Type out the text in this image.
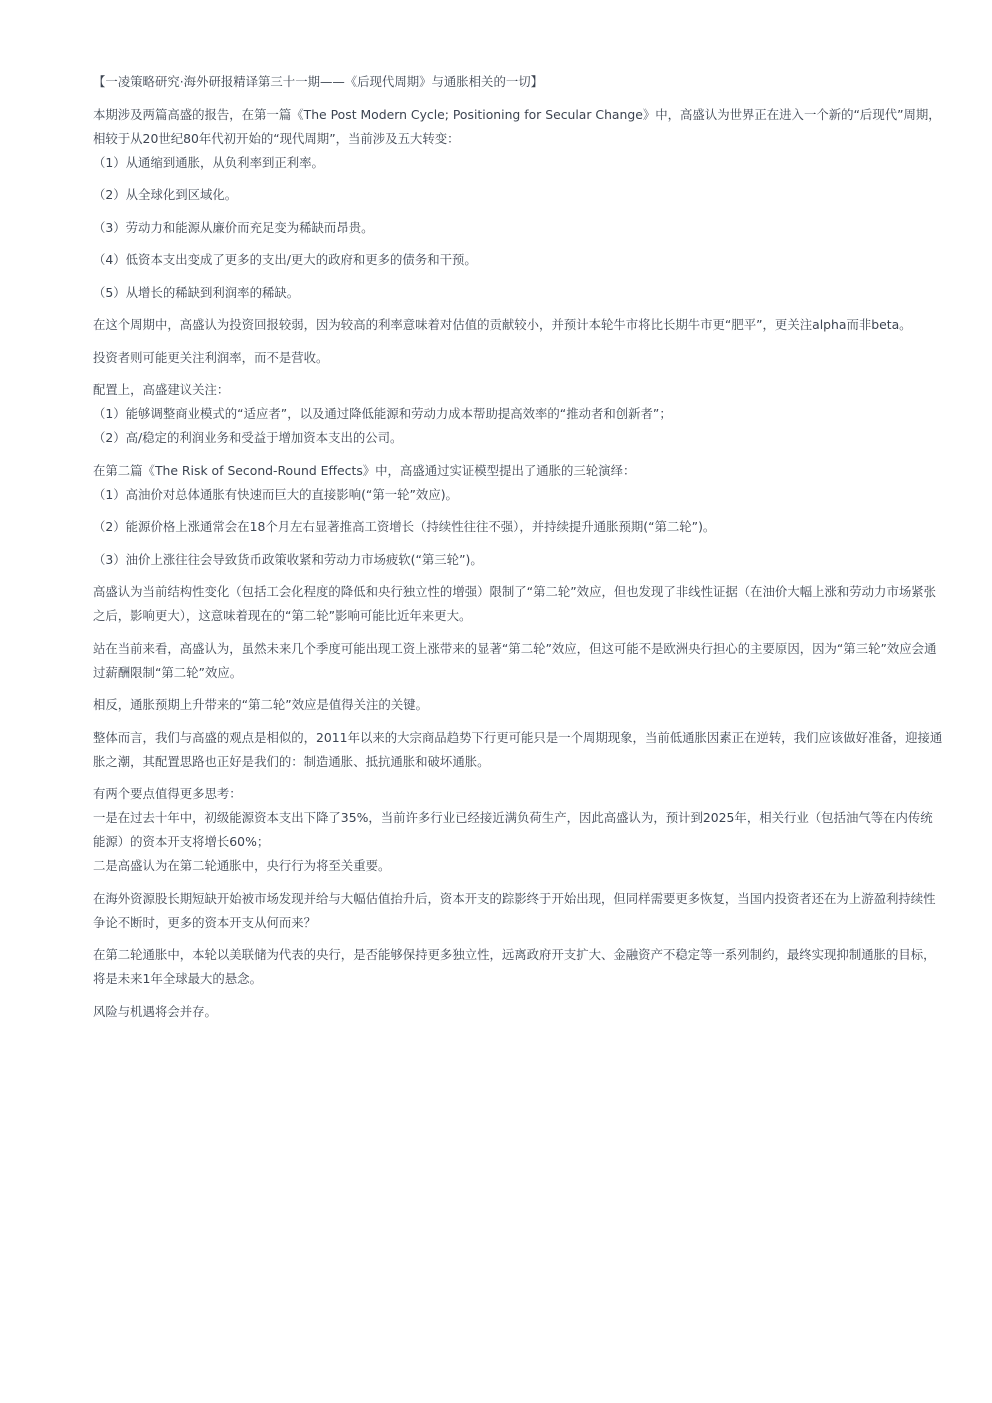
【一凌策略研究·海外研报精译第三十一期——《后现代周期》与通胀相关的一切】
本期涉及两篇高盛的报告，在第一篇《The Post Modern Cycle; Positioning for Secular Change》中，高盛认为世界正在进入一个新的“后现代”周期，相较于从20世纪80年代初开始的“现代周期”，当前涉及五大转变：
（1）从通缩到通胀，从负利率到正利率。
（2）从全球化到区域化。
（3）劳动力和能源从廉价而充足变为稀缺而昂贵。
（4）低资本支出变成了更多的支出/更大的政府和更多的债务和干预。
（5）从增长的稀缺到利润率的稀缺。
在这个周期中，高盛认为投资回报较弱，因为较高的利率意味着对估值的贡献较小，并预计本轮牛市将比长期牛市更“肥平”，更关注alpha而非beta。
投资者则可能更关注利润率，而不是营收。
配置上，高盛建议关注：
（1）能够调整商业模式的“适应者”，以及通过降低能源和劳动力成本帮助提高效率的“推动者和创新者”；
（2）高/稳定的利润业务和受益于增加资本支出的公司。
在第二篇《The Risk of Second-Round Effects》中，高盛通过实证模型提出了通胀的三轮演绎：
（1）高油价对总体通胀有快速而巨大的直接影响(“第一轮”效应)。
（2）能源价格上涨通常会在18个月左右显著推高工资增长（持续性往往不强），并持续提升通胀预期(“第二轮”)。
（3）油价上涨往往会导致货币政策收紧和劳动力市场疲软(“第三轮”)。
高盛认为当前结构性变化（包括工会化程度的降低和央行独立性的增强）限制了“第二轮”效应，但也发现了非线性证据（在油价大幅上涨和劳动力市场紧张之后，影响更大），这意味着现在的“第二轮”影响可能比近年来更大。
站在当前来看，高盛认为，虽然未来几个季度可能出现工资上涨带来的显著“第二轮”效应，但这可能不是欧洲央行担心的主要原因，因为“第三轮”效应会通过薪酬限制“第二轮”效应。
相反，通胀预期上升带来的“第二轮”效应是值得关注的关键。
整体而言，我们与高盛的观点是相似的，2011年以来的大宗商品趋势下行更可能只是一个周期现象，当前低通胀因素正在逆转，我们应该做好准备，迎接通胀之潮，其配置思路也正好是我们的：制造通胀、抵抗通胀和破坏通胀。
有两个要点值得更多思考：
一是在过去十年中，初级能源资本支出下降了35%，当前许多行业已经接近满负荷生产，因此高盛认为，预计到2025年，相关行业（包括油气等在内传统能源）的资本开支将增长60%；
二是高盛认为在第二轮通胀中，央行行为将至关重要。
在海外资源股长期短缺开始被市场发现并给与大幅估值抬升后，资本开支的踪影终于开始出现，但同样需要更多恢复，当国内投资者还在为上游盈利持续性争论不断时，更多的资本开支从何而来？
在第二轮通胀中，本轮以美联储为代表的央行，是否能够保持更多独立性，远离政府开支扩大、金融资产不稳定等一系列制约，最终实现抑制通胀的目标，将是未来1年全球最大的悬念。
风险与机遇将会并存。
